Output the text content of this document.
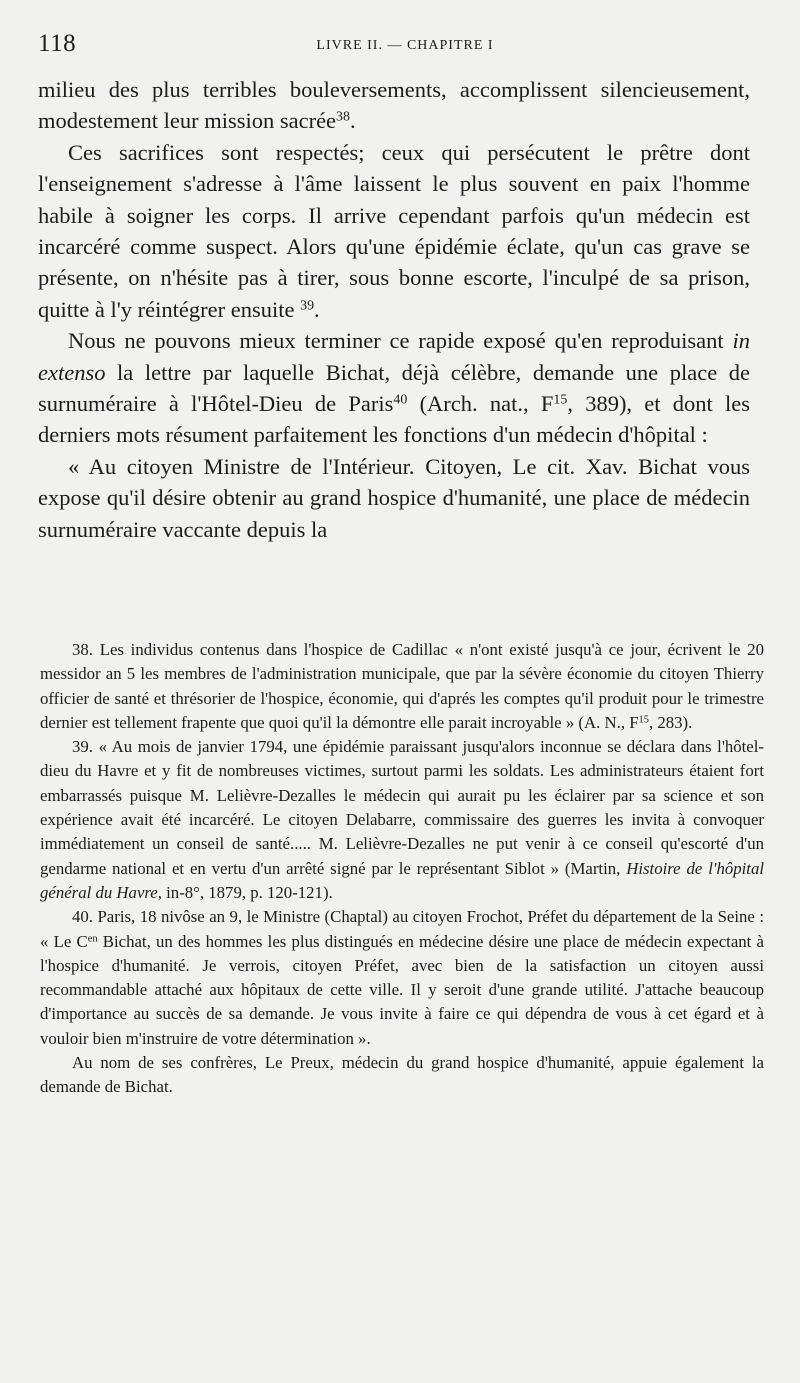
118	LIVRE II. — CHAPITRE I

milieu des plus terribles bouleversements, accomplissent silencieusement, modestement leur mission sacrée$^{38}$.

Ces sacrifices sont respectés; ceux qui persécutent le prêtre dont l'enseignement s'adresse à l'âme laissent le plus souvent en paix l'homme habile à soigner les corps. Il arrive cependant parfois qu'un médecin est incarcéré comme suspect. Alors qu'une épidémie éclate, qu'un cas grave se présente, on n'hésite pas à tirer, sous bonne escorte, l'inculpé de sa prison, quitte à l'y réintégrer ensuite $^{39}$.

Nous ne pouvons mieux terminer ce rapide exposé qu'en reproduisant in extenso la lettre par laquelle Bichat, déjà célèbre, demande une place de surnuméraire à l'Hôtel-Dieu de Paris$^{40}$ (Arch. nat., $F^{15}$, 389), et dont les derniers mots résument parfaitement les fonctions d'un médecin d'hôpital :

« Au citoyen Ministre de l'Intérieur. Citoyen, Le cit. Xav. Bichat vous expose qu'il désire obtenir au grand hospice d'humanité, une place de médecin surnuméraire vaccante depuis la

38. Les individus contenus dans l'hospice de Cadillac « n'ont existé jusqu'à ce jour, écrivent le 20 messidor an 5 les membres de l'administration municipale, que par la sévère économie du citoyen Thierry officier de santé et thrésorier de l'hospice, économie, qui d'aprés les comptes qu'il produit pour le trimestre dernier est tellement frapente que quoi qu'il la démontre elle parait incroyable » (A. N., $F^{15}$, 283).

39. « Au mois de janvier 1794, une épidémie paraissant jusqu'alors inconnue se déclara dans l'hôtel-dieu du Havre et y fit de nombreuses victimes, surtout parmi les soldats. Les administrateurs étaient fort embarrassés puisque M. Lelièvre-Dezalles le médecin qui aurait pu les éclairer par sa science et son expérience avait été incarcéré. Le citoyen Delabarre, commissaire des guerres les invita à convoquer immédiatement un conseil de santé..... M. Lelièvre-Dezalles ne put venir à ce conseil qu'escorté d'un gendarme national et en vertu d'un arrêté signé par le représentant Siblot » (Martin, Histoire de l'hôpital général du Havre, in-8°, 1879, p. 120-121).

40. Paris, 18 nivôse an 9, le Ministre (Chaptal) au citoyen Frochot, Préfet du département de la Seine : « Le $C^{en}$ Bichat, un des hommes les plus distingués en médecine désire une place de médecin expectant à l'hospice d'humanité. Je verrois, citoyen Préfet, avec bien de la satisfaction un citoyen aussi recommandable attaché aux hôpitaux de cette ville. Il y seroit d'une grande utilité. J'attache beaucoup d'importance au succès de sa demande. Je vous invite à faire ce qui dépendra de vous à cet égard et à vouloir bien m'instruire de votre détermination ».

Au nom de ses confrères, Le Preux, médecin du grand hospice d'humanité, appuie également la demande de Bichat.
